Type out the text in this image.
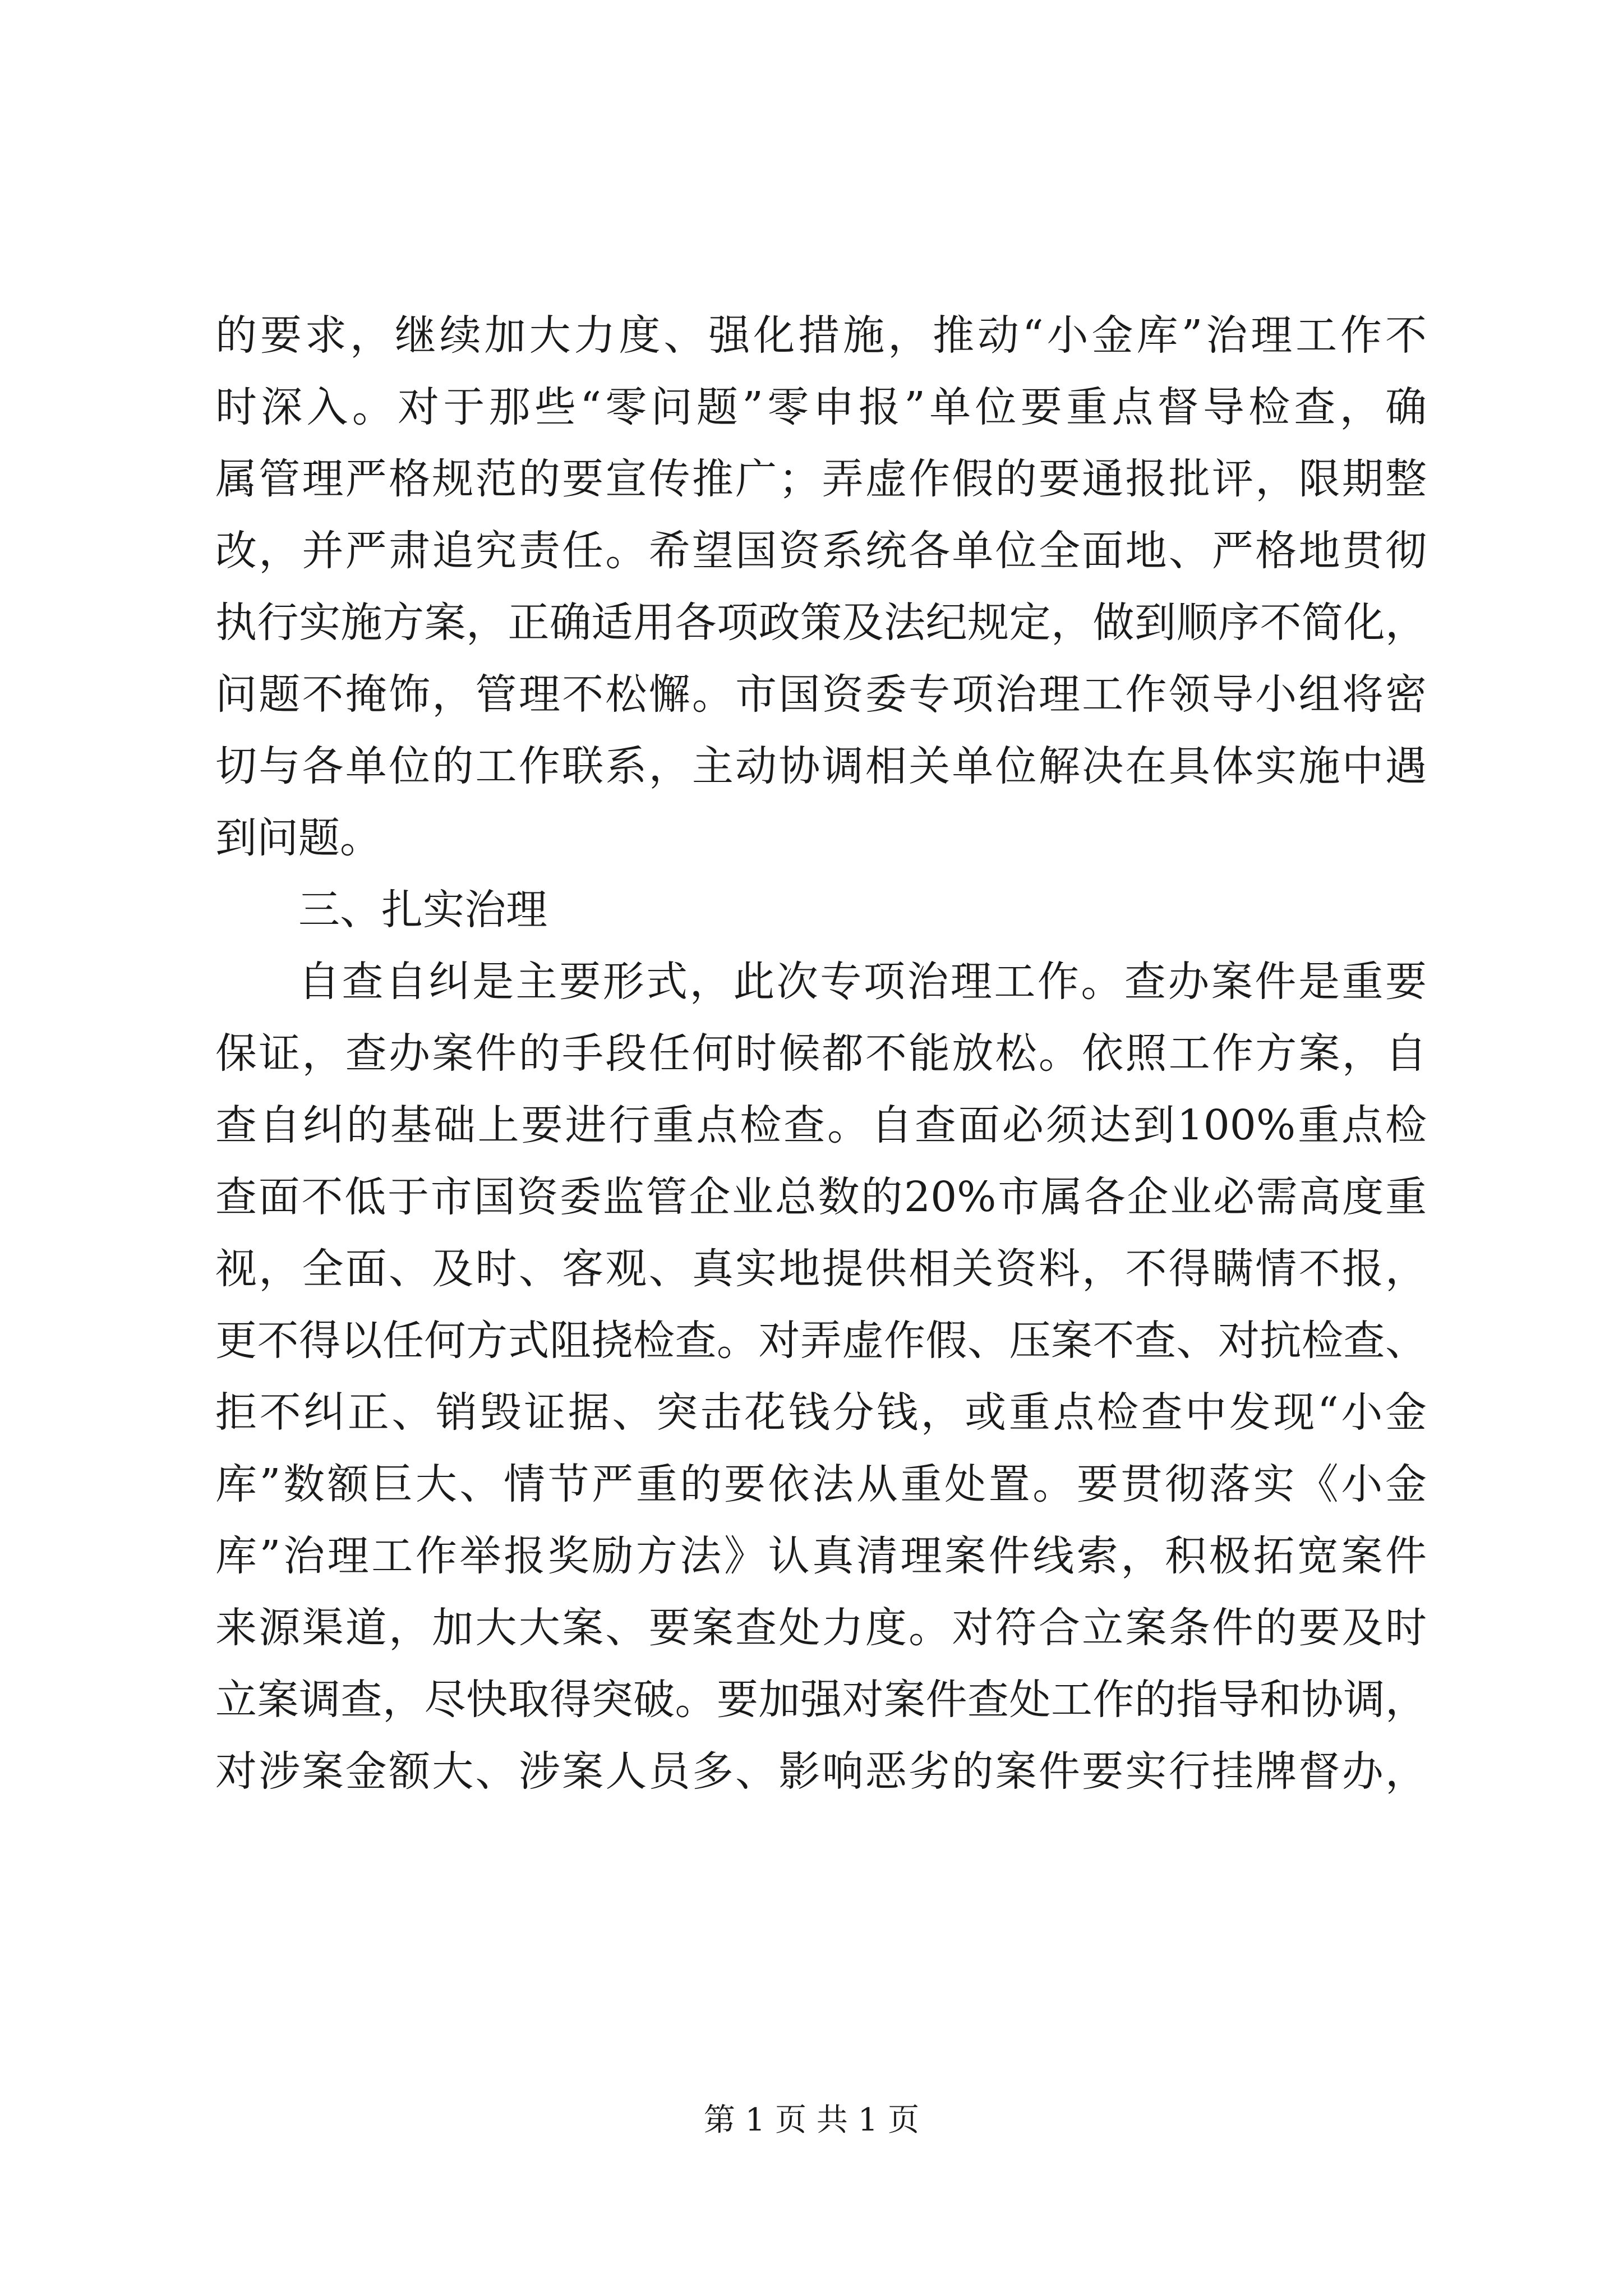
的要求，继续加大力度、强化措施，推动“小金库”治理工作不
时深入。对于那些“零问题”零申报”单位要重点督导检查，确
属管理严格规范的要宣传推广；弄虚作假的要通报批评，限期整
改，并严肃追究责任。希望国资系统各单位全面地、严格地贯彻
执行实施方案，正确适用各项政策及法纪规定，做到顺序不简化，
问题不掩饰，管理不松懈。市国资委专项治理工作领导小组将密
切与各单位的工作联系，主动协调相关单位解决在具体实施中遇
到问题。
三、扎实治理
自查自纠是主要形式，此次专项治理工作。查办案件是重要
保证，查办案件的手段任何时候都不能放松。依照工作方案，自
查自纠的基础上要进行重点检查。自查面必须达到100%重点检
查面不低于市国资委监管企业总数的20%市属各企业必需高度重
视，全面、及时、客观、真实地提供相关资料，不得瞒情不报，
更不得以任何方式阻挠检查。对弄虚作假、压案不查、对抗检查、
拒不纠正、销毁证据、突击花钱分钱，或重点检查中发现“小金
库”数额巨大、情节严重的要依法从重处置。要贯彻落实《小金
库”治理工作举报奖励方法》认真清理案件线索，积极拓宽案件
来源渠道，加大大案、要案查处力度。对符合立案条件的要及时
立案调查，尽快取得突破。要加强对案件查处工作的指导和协调，
对涉案金额大、涉案人员多、影响恶劣的案件要实行挂牌督办，
第 1 页 共 1 页
